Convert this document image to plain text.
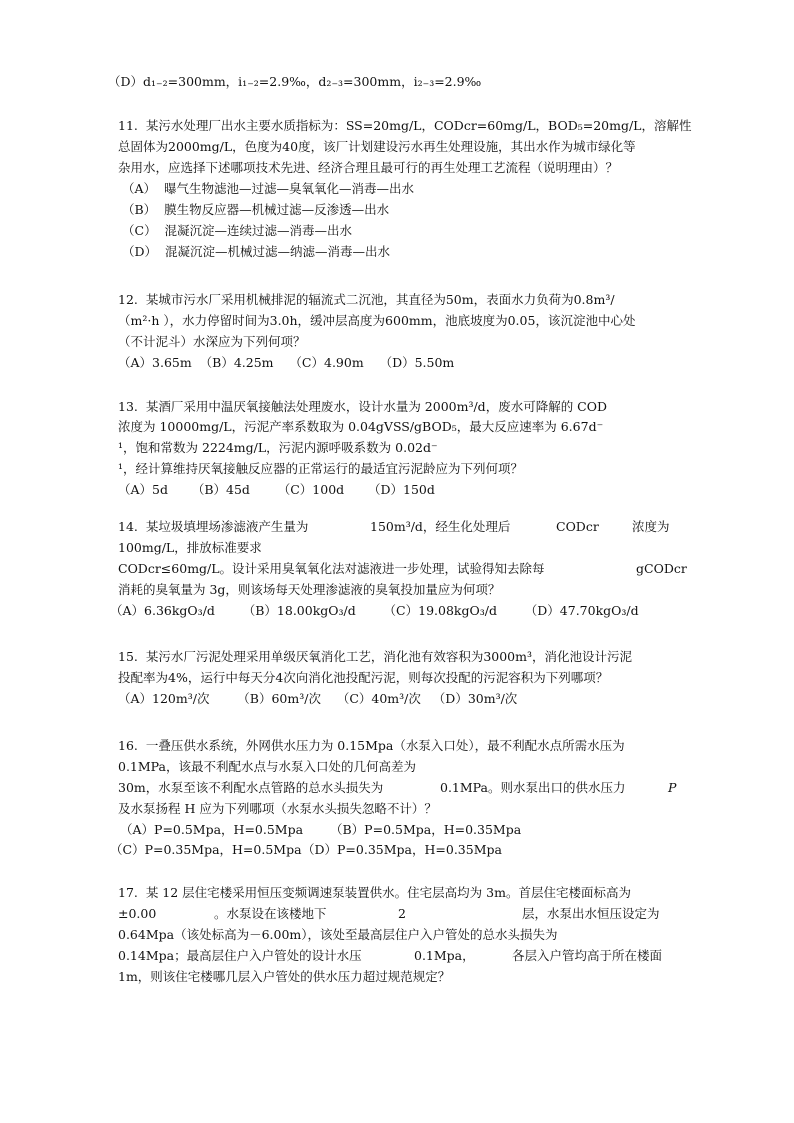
（D）d₁₋₂=300mm，i₁₋₂=2.9‰，d₂₋₃=300mm，i₂₋₃=2.9‰
11.  某污水处理厂出水主要水质指标为：SS=20mg/L，CODcr=60mg/L，BOD₅=20mg/L，溶解性
总固体为2000mg/L，色度为40度，该厂计划建设污水再生处理设施，其出水作为城市绿化等
杂用水，应选择下述哪项技术先进、经济合理且最可行的再生处理工艺流程（说明理由）？
（A）  曝气生物滤池—过滤—臭氧氧化—消毒—出水
（B）  膜生物反应器—机械过滤—反渗透—出水
（C）  混凝沉淀—连续过滤—消毒—出水
（D）  混凝沉淀—机械过滤—纳滤—消毒—出水
12.  某城市污水厂采用机械排泥的辐流式二沉池，其直径为50m，表面水力负荷为0.8m³/
（m²·h ），水力停留时间为3.0h，缓冲层高度为600mm，池底坡度为0.05，该沉淀池中心处
（不计泥斗）水深应为下列何项？
（A）3.65m  （B）4.25m    （C）4.90m    （D）5.50m
13.  某酒厂采用中温厌氧接触法处理废水，设计水量为 2000m³/d，废水可降解的 COD
浓度为 10000mg/L，污泥产率系数取为 0.04gVSS/gBOD₅，最大反应速率为 6.67d⁻
¹，饱和常数为 2224mg/L，污泥内源呼吸系数为 0.02d⁻
¹，经计算维持厌氧接触反应器的正常运行的最适宜污泥龄应为下列何项？
（A）5d      （B）45d       （C）100d      （D）150d
14.  某垃圾填埋场渗滤液产生量为	150m³/d，经生化处理后	CODcr	浓度为
100mg/L，排放标准要求
CODcr≤60mg/L。设计采用臭氧氧化法对滤液进一步处理，试验得知去除每	gCODcr
消耗的臭氧量为 3g，则该场每天处理渗滤液的臭氧投加量应为何项？
（A）6.36kgO₃/d       （B）18.00kgO₃/d       （C）19.08kgO₃/d       （D）47.70kgO₃/d
15.  某污水厂污泥处理采用单级厌氧消化工艺，消化池有效容积为3000m³，消化池设计污泥
投配率为4%，运行中每天分4次向消化池投配污泥，则每次投配的污泥容积为下列哪项？
（A）120m³/次       （B）60m³/次    （C）40m³/次   （D）30m³/次
16.  一叠压供水系统，外网供水压力为 0.15Mpa（水泵入口处），最不利配水点所需水压为
0.1MPa，该最不利配水点与水泵入口处的几何高差为
30m，水泵至该不利配水点管路的总水头损失为	0.1MPa。则水泵出口的供水压力	P
及水泵扬程 H 应为下列哪项（水泵水头损失忽略不计）？
（A）P=0.5Mpa，H=0.5Mpa （B）P=0.5Mpa，H=0.35Mpa
（C）P=0.35Mpa，H=0.5Mpa （D）P=0.35Mpa，H=0.35Mpa
17.  某 12 层住宅楼采用恒压变频调速泵装置供水。住宅层高均为 3m。首层住宅楼面标高为
±0.00	。水泵设在该楼地下	2	层，水泵出水恒压设定为
0.64Mpa（该处标高为－6.00m），该处至最高层住户入户管处的总水头损失为
0.14Mpa；最高层住户入户管处的设计水压	0.1Mpa，	各层入户管均高于所在楼面
1m，则该住宅楼哪几层入户管处的供水压力超过规范规定？
